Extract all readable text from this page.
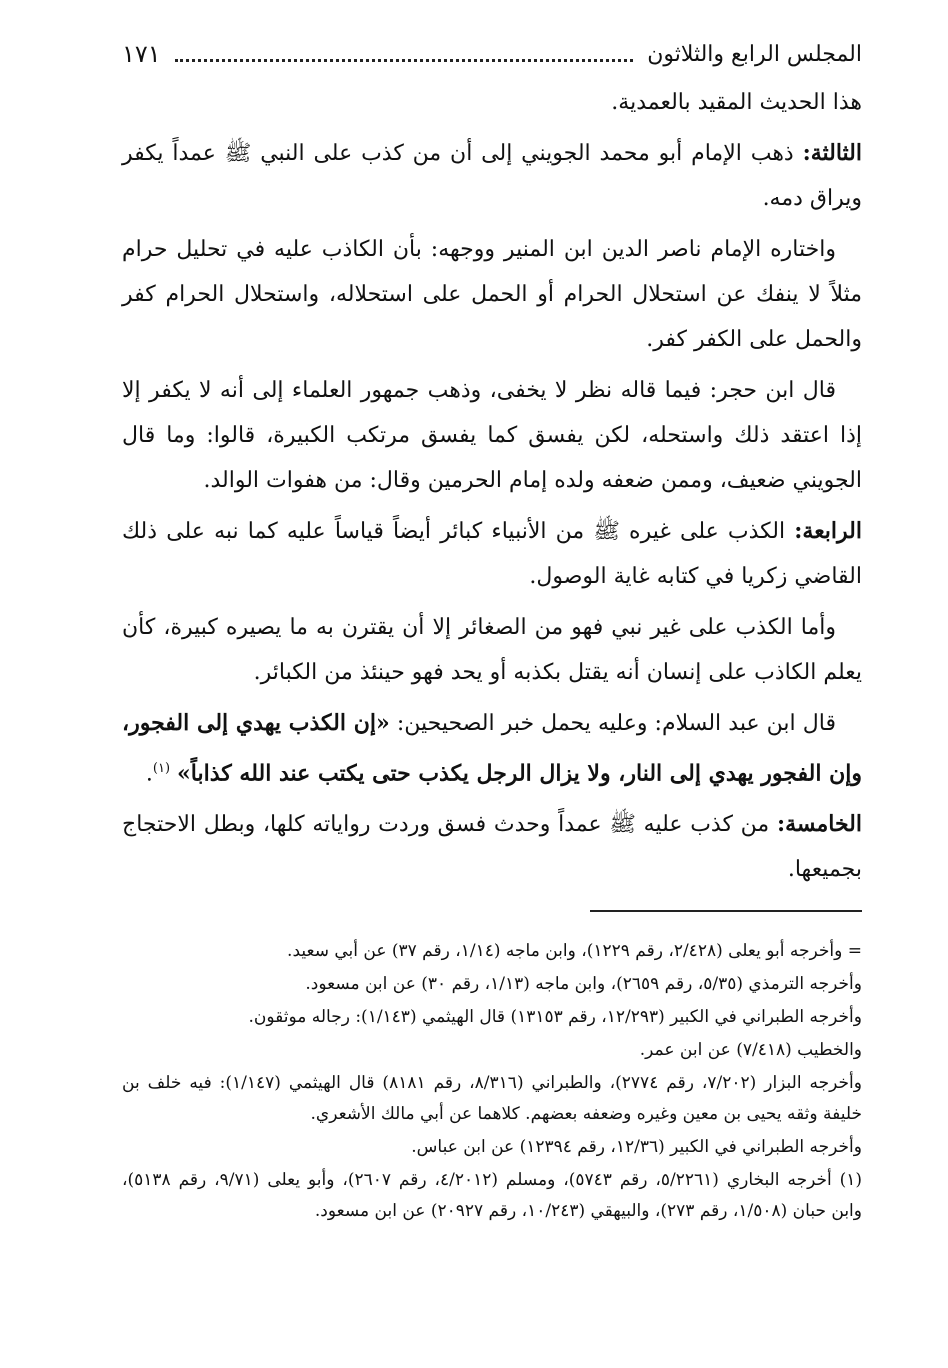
المجلس الرابع والثلاثون
١٧١

هذا الحديث المقيد بالعمدية.

الثالثة: ذهب الإمام أبو محمد الجويني إلى أن من كذب على النبي ﷺ عمداً يكفر ويراق دمه.

واختاره الإمام ناصر الدين ابن المنير ووجهه: بأن الكاذب عليه في تحليل حرام مثلاً لا ينفك عن استحلال الحرام أو الحمل على استحلاله، واستحلال الحرام كفر والحمل على الكفر كفر.

قال ابن حجر: فيما قاله نظر لا يخفى، وذهب جمهور العلماء إلى أنه لا يكفر إلا إذا اعتقد ذلك واستحله، لكن يفسق كما يفسق مرتكب الكبيرة، قالوا: وما قال الجويني ضعيف، وممن ضعفه ولده إمام الحرمين وقال: من هفوات الوالد.

الرابعة: الكذب على غيره ﷺ من الأنبياء كبائر أيضاً قياساً عليه كما نبه على ذلك القاضي زكريا في كتابه غاية الوصول.

وأما الكذب على غير نبي فهو من الصغائر إلا أن يقترن به ما يصيره كبيرة، كأن يعلم الكاذب على إنسان أنه يقتل بكذبه أو يحد فهو حينئذ من الكبائر.

قال ابن عبد السلام: وعليه يحمل خبر الصحيحين: «إن الكذب يهدي إلى الفجور، وإن الفجور يهدي إلى النار، ولا يزال الرجل يكذب حتى يكتب عند الله كذاباً» $^{(١)}$.

الخامسة: من كذب عليه ﷺ عمداً وحدث فسق وردت رواياته كلها، وبطل الاحتجاج بجميعها.

= وأخرجه أبو يعلى (٢/٤٢٨، رقم ١٢٢٩)، وابن ماجه (١/١٤، رقم ٣٧) عن أبي سعيد.

وأخرجه الترمذي (٥/٣٥، رقم ٢٦٥٩)، وابن ماجه (١/١٣، رقم ٣٠) عن ابن مسعود.

وأخرجه الطبراني في الكبير (١٢/٢٩٣، رقم ١٣١٥٣) قال الهيثمي (١/١٤٣): رجاله موثقون.

والخطيب (٧/٤١٨) عن ابن عمر.

وأخرجه البزار (٧/٢٠٢، رقم ٢٧٧٤)، والطبراني (٨/٣١٦، رقم ٨١٨١) قال الهيثمي (١/١٤٧): فيه خلف بن خليفة وثقه يحيى بن معين وغيره وضعفه بعضهم. كلاهما عن أبي مالك الأشعري.

وأخرجه الطبراني في الكبير (١٢/٣٦، رقم ١٢٣٩٤) عن ابن عباس.

(١) أخرجه البخاري (٥/٢٢٦١، رقم ٥٧٤٣)، ومسلم (٤/٢٠١٢، رقم ٢٦٠٧)، وأبو يعلى (٩/٧١، رقم ٥١٣٨)، وابن حبان (١/٥٠٨، رقم ٢٧٣)، والبيهقي (١٠/٢٤٣، رقم ٢٠٩٢٧) عن ابن مسعود.
